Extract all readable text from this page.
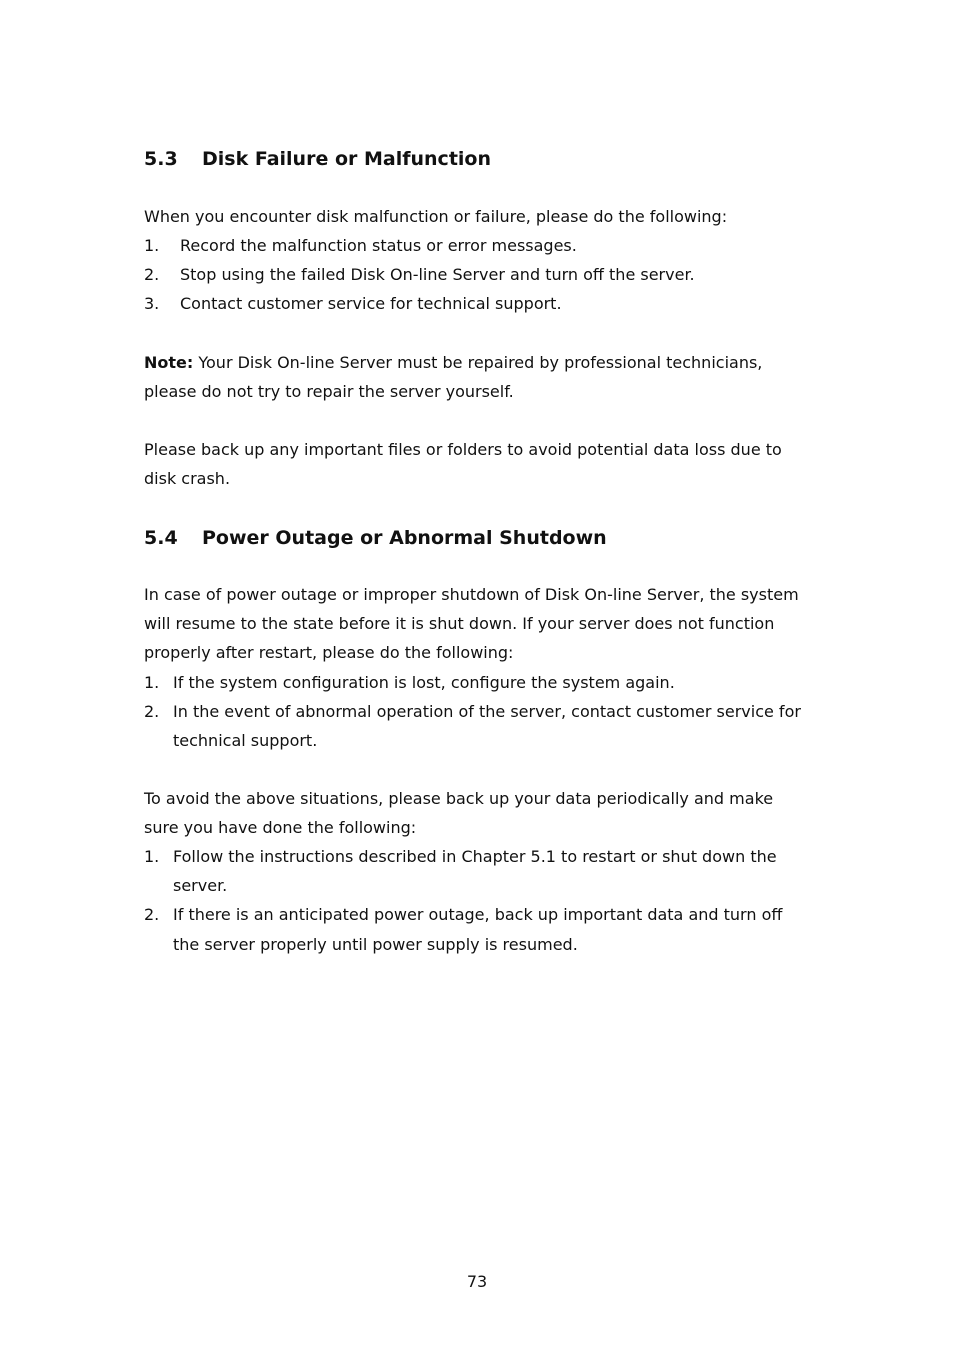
5.3 Disk Failure or Malfunction

When you encounter disk malfunction or failure, please do the following:

1. Record the malfunction status or error messages.
2. Stop using the failed Disk On-line Server and turn off the server.
3. Contact customer service for technical support.

Note: Your Disk On-line Server must be repaired by professional technicians, please do not try to repair the server yourself.

Please back up any important files or folders to avoid potential data loss due to disk crash.

5.4 Power Outage or Abnormal Shutdown

In case of power outage or improper shutdown of Disk On-line Server, the system will resume to the state before it is shut down. If your server does not function properly after restart, please do the following:

1. If the system configuration is lost, configure the system again.
2. In the event of abnormal operation of the server, contact customer service for technical support.

To avoid the above situations, please back up your data periodically and make sure you have done the following:

1. Follow the instructions described in Chapter 5.1 to restart or shut down the server.
2. If there is an anticipated power outage, back up important data and turn off the server properly until power supply is resumed.
73
